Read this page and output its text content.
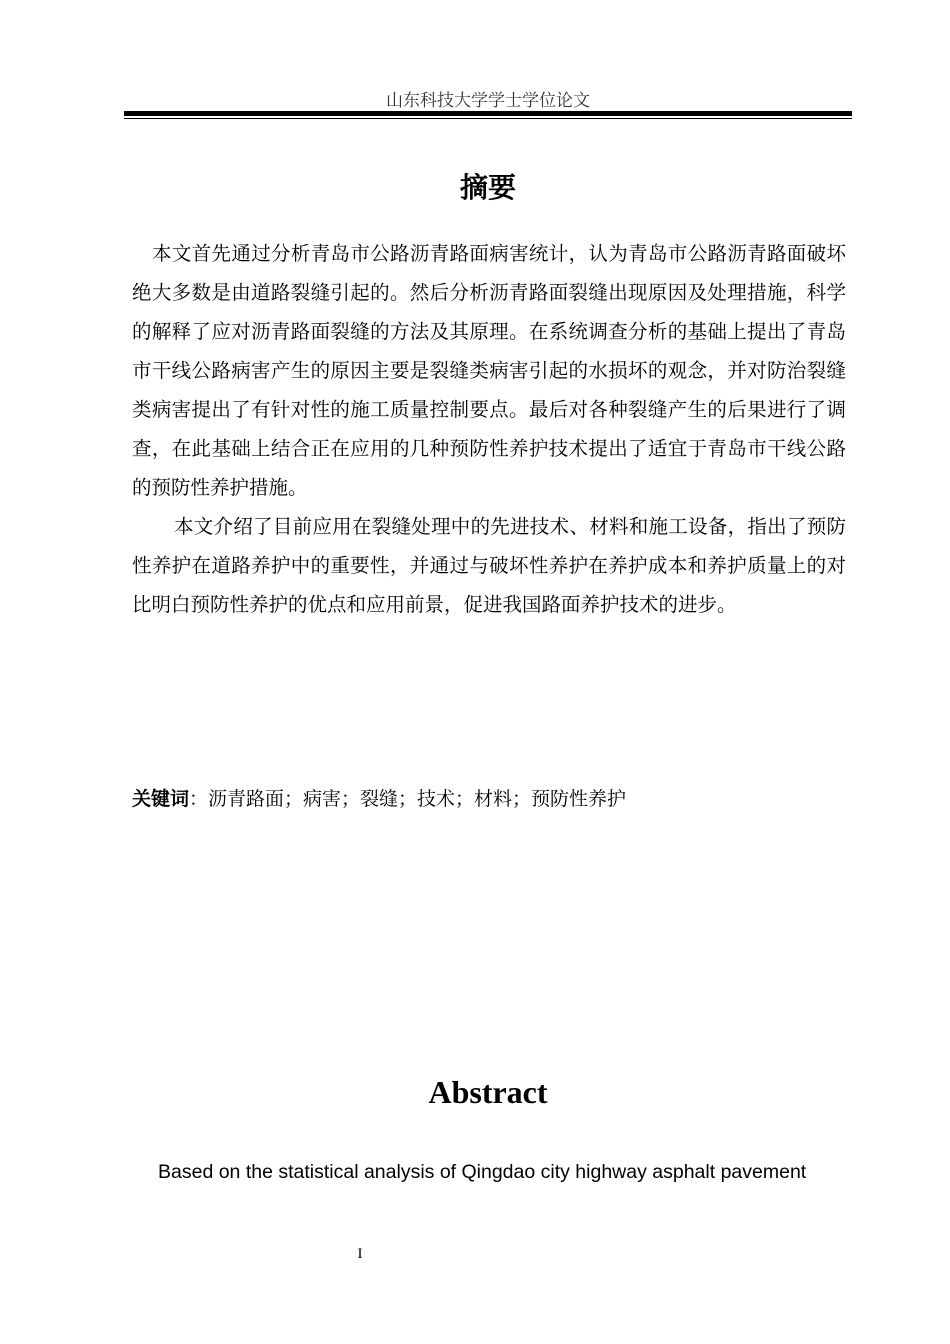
山东科技大学学士学位论文
摘要

本文首先通过分析青岛市公路沥青路面病害统计，认为青岛市公路沥青路面破坏绝大多数是由道路裂缝引起的。然后分析沥青路面裂缝出现原因及处理措施，科学的解释了应对沥青路面裂缝的方法及其原理。在系统调查分析的基础上提出了青岛市干线公路病害产生的原因主要是裂缝类病害引起的水损坏的观念，并对防治裂缝类病害提出了有针对性的施工质量控制要点。最后对各种裂缝产生的后果进行了调查，在此基础上结合正在应用的几种预防性养护技术提出了适宜于青岛市干线公路的预防性养护措施。

本文介绍了目前应用在裂缝处理中的先进技术、材料和施工设备，指出了预防性养护在道路养护中的重要性，并通过与破坏性养护在养护成本和养护质量上的对比明白预防性养护的优点和应用前景，促进我国路面养护技术的进步。

关键词：沥青路面；病害；裂缝；技术；材料；预防性养护
Abstract
Based on the statistical analysis of Qingdao city highway asphalt pavement
I
